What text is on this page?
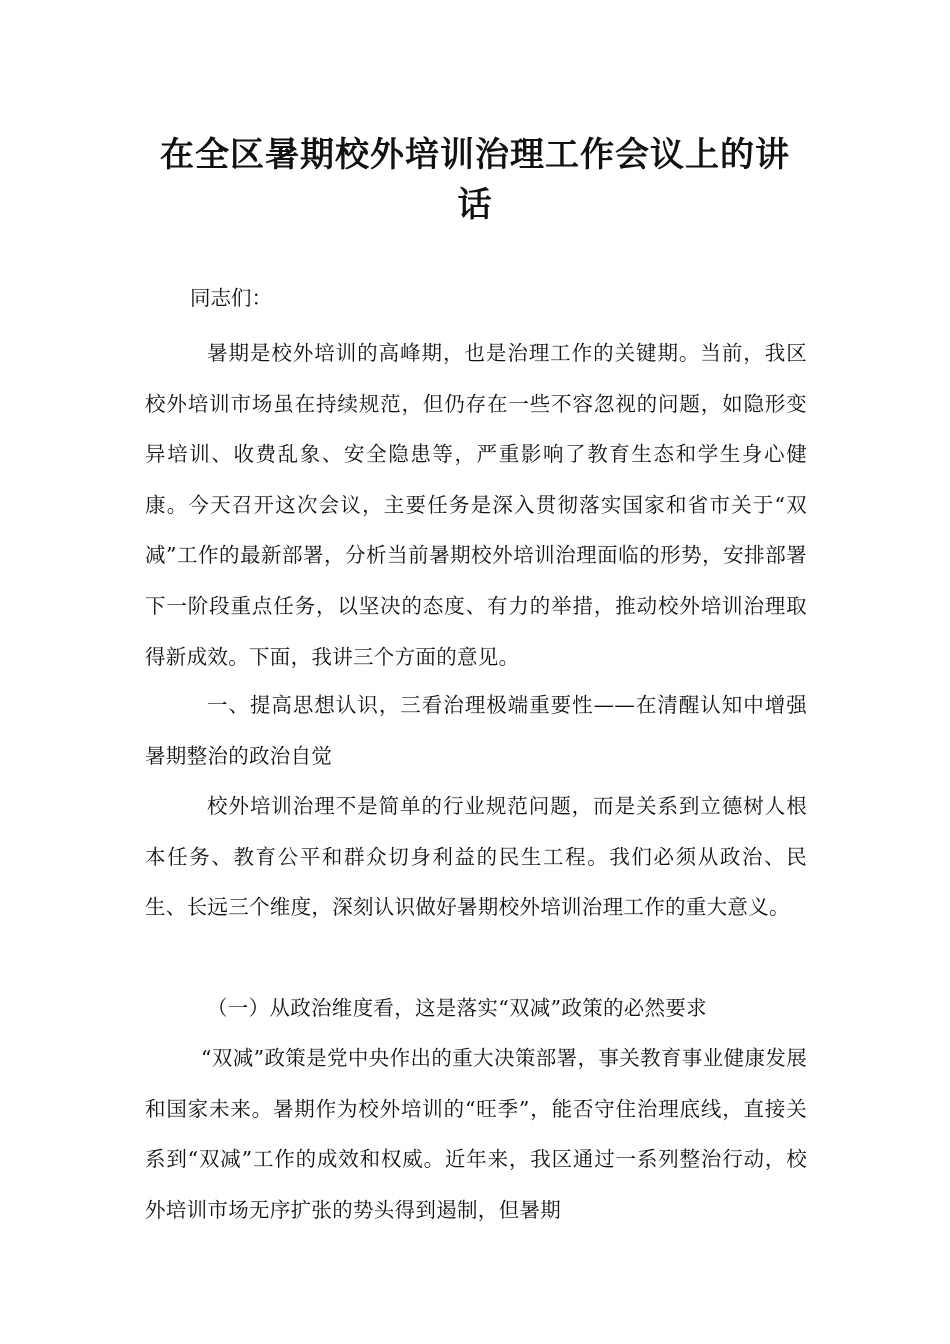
在全区暑期校外培训治理工作会议上的讲话

同志们：

暑期是校外培训的高峰期，也是治理工作的关键期。当前，我区校外培训市场虽在持续规范，但仍存在一些不容忽视的问题，如隐形变异培训、收费乱象、安全隐患等，严重影响了教育生态和学生身心健康。今天召开这次会议，主要任务是深入贯彻落实国家和省市关于“双减”工作的最新部署，分析当前暑期校外培训治理面临的形势，安排部署下一阶段重点任务，以坚决的态度、有力的举措，推动校外培训治理取得新成效。下面，我讲三个方面的意见。

一、提高思想认识，三看治理极端重要性——在清醒认知中增强暑期整治的政治自觉

校外培训治理不是简单的行业规范问题，而是关系到立德树人根本任务、教育公平和群众切身利益的民生工程。我们必须从政治、民生、长远三个维度，深刻认识做好暑期校外培训治理工作的重大意义。

（一）从政治维度看，这是落实“双减”政策的必然要求

“双减”政策是党中央作出的重大决策部署，事关教育事业健康发展和国家未来。暑期作为校外培训的“旺季”，能否守住治理底线，直接关系到“双减”工作的成效和权威。近年来，我区通过一系列整治行动，校外培训市场无序扩张的势头得到遏制，但暑期
